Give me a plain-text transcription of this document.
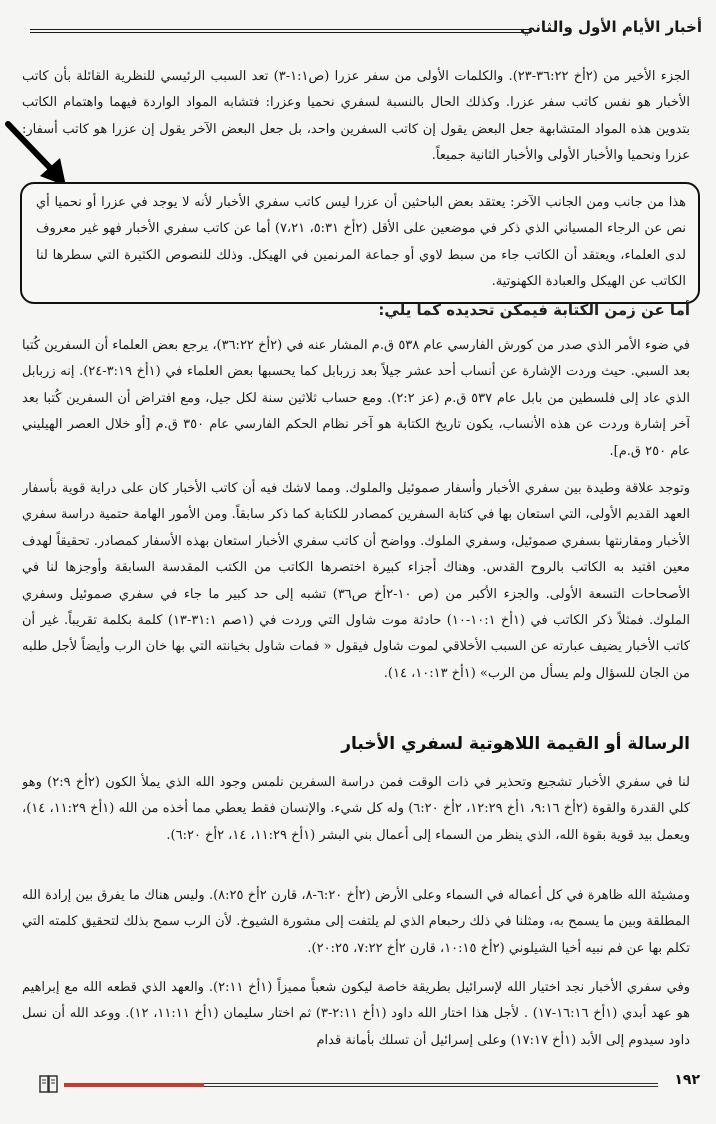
أخبار الأيام الأول والثاني

الجزء الأخير من (٢أخ ٣٦:٢٢-٢٣). والكلمات الأولى من سفر عزرا (ص١:١-٣) تعد السبب الرئيسي للنظرية القائلة بأن كاتب الأخبار هو نفس كاتب سفر عزرا. وكذلك الحال بالنسبة لسفري نحميا وعزرا: فتشابه المواد الواردة فيهما واهتمام الكاتب بتدوين هذه المواد المتشابهة جعل البعض يقول إن كاتب السفرين واحد، بل جعل البعض الآخر يقول إن عزرا هو كاتب أسفار: عزرا ونحميا والأخبار الأولى والأخبار الثانية جميعاً.

هذا من جانب ومن الجانب الآخر: يعتقد بعض الباحثين أن عزرا ليس كاتب سفري الأخبار لأنه لا يوجد في عزرا أو نحميا أي نص عن الرجاء المسياني الذي ذكر في موضعين على الأقل (٢أخ ٥:٣١، ٧،٢١) أما عن كاتب سفري الأخبار فهو غير معروف لدى العلماء، ويعتقد أن الكاتب جاء من سبط لاوي أو جماعة المرنمين في الهيكل. وذلك للنصوص الكثيرة التي سطرها لنا الكاتب عن الهيكل والعبادة الكهنوتية.

أما عن زمن الكتابة فيمكن تحديده كما يلي:

في ضوء الأمر الذي صدر من كورش الفارسي عام ٥٣٨ ق.م المشار عنه في (٢أخ ٣٦:٢٢)، يرجع بعض العلماء أن السفرين كُتبا بعد السبي. حيث وردت الإشارة عن أنساب أحد عشر جيلاً بعد زربابل كما يحسبها بعض العلماء في (١أخ ٣:١٩-٢٤). إنه زربابل الذي عاد إلى فلسطين من بابل عام ٥٣٧ ق.م (عز ٢:٢). ومع حساب ثلاثين سنة لكل جيل، ومع افتراض أن السفرين كُتبا بعد آخر إشارة وردت عن هذه الأنساب، يكون تاريخ الكتابة هو آخر نظام الحكم الفارسي عام ٣٥٠ ق.م [أو خلال العصر الهيليني عام ٢٥٠ ق.م].

وتوجد علاقة وطيدة بين سفري الأخبار وأسفار صموئيل والملوك. ومما لاشك فيه أن كاتب الأخبار كان على دراية قوية بأسفار العهد القديم الأولى، التي استعان بها في كتابة السفرين كمصادر للكتابة كما ذكر سابقاً. ومن الأمور الهامة حتمية دراسة سفري الأخبار ومقارنتها بسفري صموئيل، وسفري الملوك. وواضح أن كاتب سفري الأخبار استعان بهذه الأسفار كمصادر. تحقيقاً لهدف معين اقتيد به الكاتب بالروح القدس. وهناك أجزاء كبيرة اختصرها الكاتب من الكتب المقدسة السابقة وأوجزها لنا في الأصحاحات التسعة الأولى. والجزء الأكبر من (ص ١٠-٢أخ ص٣٦) تشبه إلى حد كبير ما جاء في سفري صموئيل وسفري الملوك. فمثلاً ذكر الكاتب في (١أخ ١٠:١-١٠) حادثة موت شاول التي وردت في (١صم ٣١:١-١٣) كلمة بكلمة تقريباً. غير أن كاتب الأخبار يضيف عبارته عن السبب الأخلاقي لموت شاول فيقول « فمات شاول بخيانته التي بها خان الرب وأيضاً لأجل طلبه من الجان للسؤال ولم يسأل من الرب» (١أخ ١٠:١٣، ١٤).

الرسالة أو القيمة اللاهوتية لسفري الأخبار

لنا في سفري الأخبار تشجيع وتحذير في ذات الوقت فمن دراسة السفرين نلمس وجود الله الذي يملأ الكون (٢أخ ٢:٩) وهو كلي القدرة والقوة (٢أخ ٩:١٦، ١أخ ١٢:٢٩، ٢أخ ٦:٢٠) وله كل شيء. والإنسان فقط يعطي مما أخذه من الله (١أخ ١١:٢٩، ١٤)، ويعمل بيد قوية بقوة الله، الذي ينظر من السماء إلى أعمال بني البشر (١أخ ١١:٢٩، ١٤، ٢أخ ٦:٢٠).

ومشيئة الله ظاهرة في كل أعماله في السماء وعلى الأرض (٢أخ ٦:٢٠-٨، قارن ٢أخ ٨:٢٥). وليس هناك ما يفرق بين إرادة الله المطلقة وبين ما يسمح به، ومثلنا في ذلك رحبعام الذي لم يلتفت إلى مشورة الشيوخ. لأن الرب سمح بذلك لتحقيق كلمته التي تكلم بها عن فم نبيه أخيا الشيلوني (٢أخ ١٠:١٥، قارن ٢أخ ٧:٢٢، ٢٠:٢٥).

وفي سفري الأخبار نجد اختيار الله لإسرائيل بطريقة خاصة ليكون شعباً مميزاً (١أخ ٢:١١). والعهد الذي قطعه الله مع إبراهيم هو عهد أبدي (١أخ ١٦:١٦-١٧) . لأجل هذا اختار الله داود (١أخ ٢:١١-٣) ثم اختار سليمان (١أخ ١١:١١، ١٢). ووعد الله أن نسل داود سيدوم إلى الأبد (١أخ ١٧:١٧) وعلى إسرائيل أن تسلك بأمانة قدام

١٩٢
